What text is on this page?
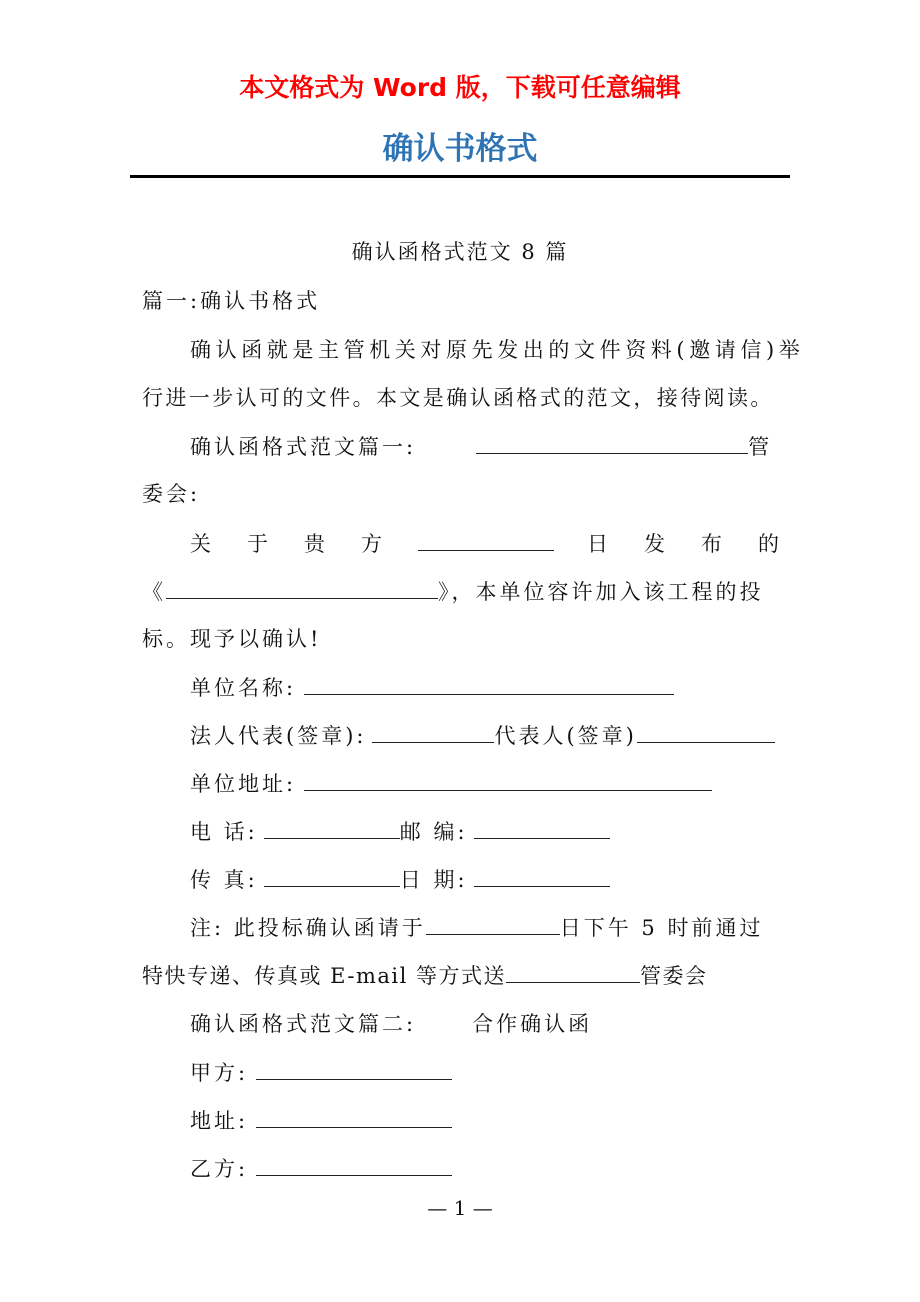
本文格式为 Word 版，下载可任意编辑
确认书格式
确认函格式范文 8 篇
篇一:确认书格式
确认函就是主管机关对原先发出的文件资料(邀请信)举
行进一步认可的文件。本文是确认函格式的范文，接待阅读。
确认函格式范文篇一:	管
委会:
关 于 贵 方	日 发 布 的
《	》，本单位容许加入该工程的投
标。现予以确认!
单位名称:
法人代表(签章):	代表人(签章)
单位地址:
电 话:	邮 编:
传 真:	日 期:
注: 此投标确认函请于	日下午 5 时前通过
特快专递、传真或 E-mail 等方式送	管委会
确认函格式范文篇二:	合作确认函
甲方:
地址:
乙方:
— 1 —
